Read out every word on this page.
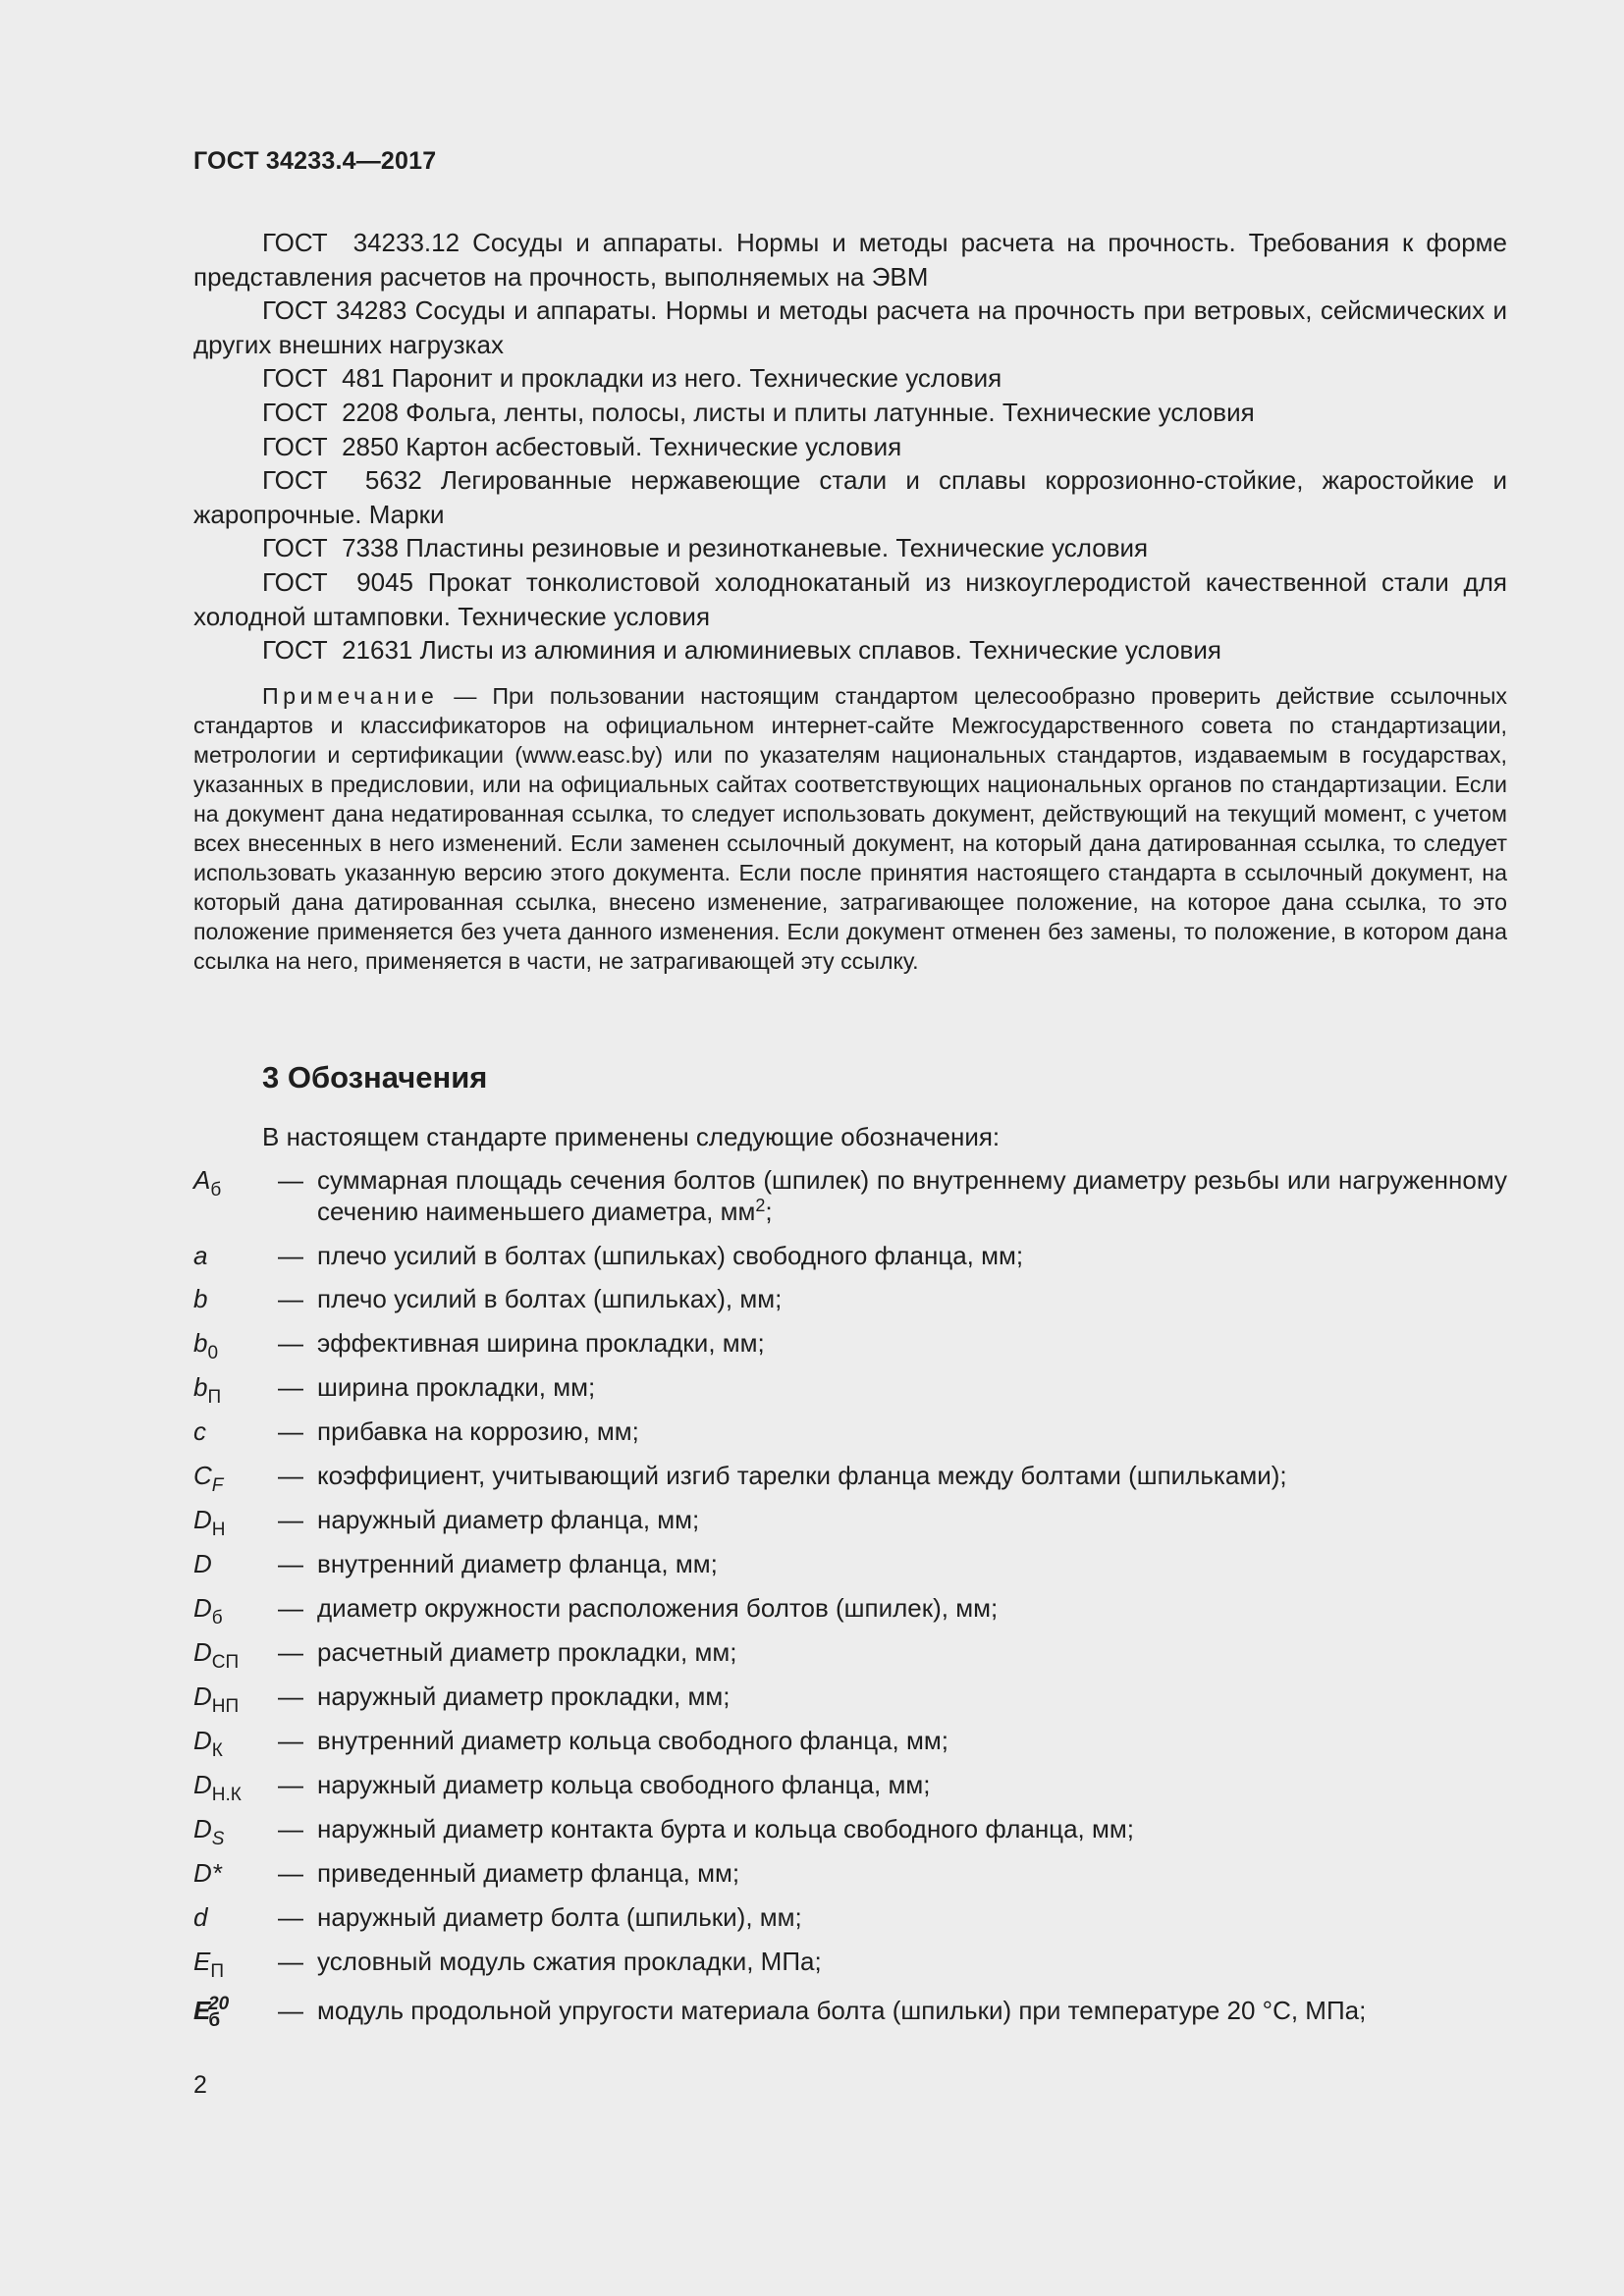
ГОСТ 34233.4—2017
ГОСТ  34233.12 Сосуды и аппараты. Нормы и методы расчета на прочность. Требования к форме представления расчетов на прочность, выполняемых на ЭВМ
ГОСТ 34283 Сосуды и аппараты. Нормы и методы расчета на прочность при ветровых, сейсмических и других внешних нагрузках
ГОСТ  481 Паронит и прокладки из него. Технические условия
ГОСТ  2208 Фольга, ленты, полосы, листы и плиты латунные. Технические условия
ГОСТ  2850 Картон асбестовый. Технические условия
ГОСТ  5632 Легированные нержавеющие стали и сплавы коррозионно-стойкие, жаростойкие и жаропрочные. Марки
ГОСТ  7338 Пластины резиновые и резинотканевые. Технические условия
ГОСТ  9045 Прокат тонколистовой холоднокатаный из низкоуглеродистой качественной стали для холодной штамповки. Технические условия
ГОСТ  21631 Листы из алюминия и алюминиевых сплавов. Технические условия
Примечание — При пользовании настоящим стандартом целесообразно проверить действие ссылочных стандартов и классификаторов на официальном интернет-сайте Межгосударственного совета по стандартизации, метрологии и сертификации (www.easc.by) или по указателям национальных стандартов, издаваемым в государствах, указанных в предисловии, или на официальных сайтах соответствующих национальных органов по стандартизации. Если на документ дана недатированная ссылка, то следует использовать документ, действующий на текущий момент, с учетом всех внесенных в него изменений. Если заменен ссылочный документ, на который дана датированная ссылка, то следует использовать указанную версию этого документа. Если после принятия настоящего стандарта в ссылочный документ, на который дана датированная ссылка, внесено изменение, затрагивающее положение, на которое дана ссылка, то это положение применяется без учета данного изменения. Если документ отменен без замены, то положение, в котором дана ссылка на него, применяется в части, не затрагивающей эту ссылку.
3 Обозначения
В настоящем стандарте применены следующие обозначения:
$A_б$ — суммарная площадь сечения болтов (шпилек) по внутреннему диаметру резьбы или нагруженному сечению наименьшего диаметра, $мм^2$;
a	— плечо усилий в болтах (шпильках) свободного фланца, мм;
b	— плечо усилий в болтах (шпильках), мм;
$b_0$ — эффективная ширина прокладки, мм;
$b_П$ — ширина прокладки, мм;
c	— прибавка на коррозию, мм;
$C_F$ — коэффициент, учитывающий изгиб тарелки фланца между болтами (шпильками);
$D_Н$ — наружный диаметр фланца, мм;
D	— внутренний диаметр фланца, мм;
$D_б$ — диаметр окружности расположения болтов (шпилек), мм;
$D_{СП}$ — расчетный диаметр прокладки, мм;
$D_{НП}$ — наружный диаметр прокладки, мм;
$D_К$ — внутренний диаметр кольца свободного фланца, мм;
$D_{Н.К}$ — наружный диаметр кольца свободного фланца, мм;
$D_S$ — наружный диаметр контакта бурта и кольца свободного фланца, мм;
D* — приведенный диаметр фланца, мм;
d	— наружный диаметр болта (шпильки), мм;
$E_П$ — условный модуль сжатия прокладки, МПа;
$E_б^{20}$	— модуль продольной упругости материала болта (шпильки) при температуре 20 °С, МПа;
2
